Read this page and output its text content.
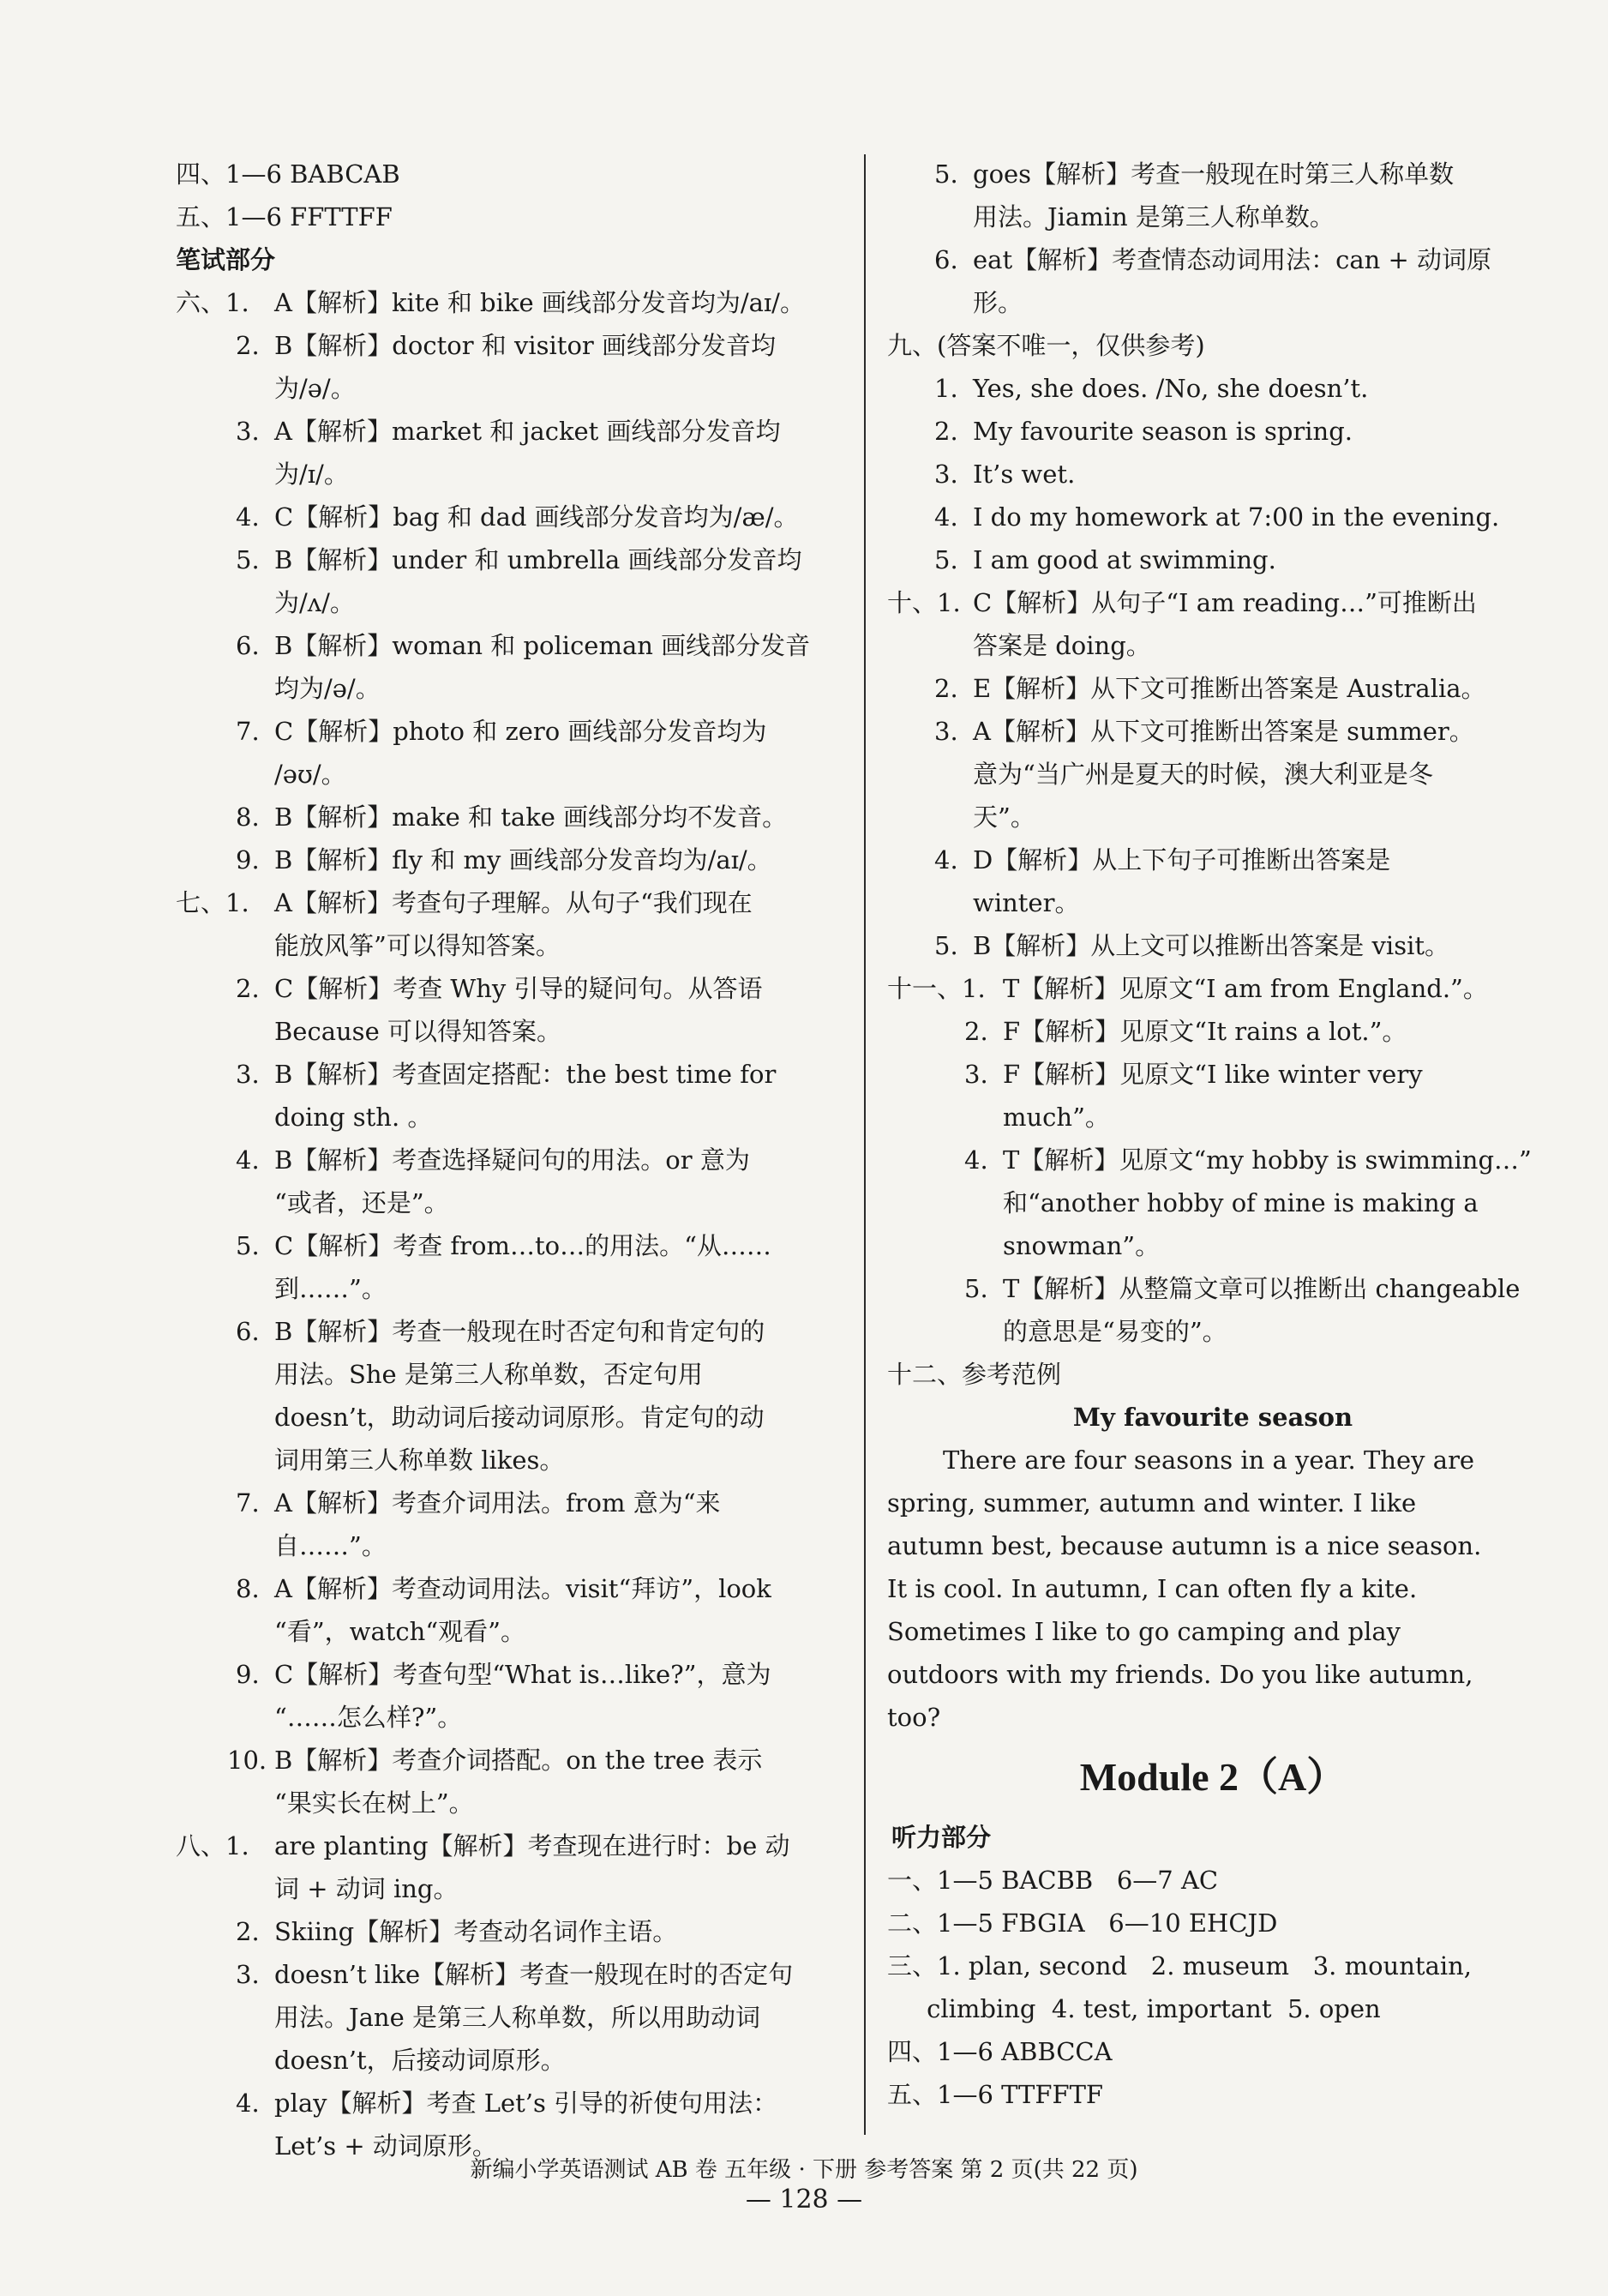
四、1—6 BABCAB
五、1—6 FFTTFF
笔试部分
六、1. A【解析】kite 和 bike 画线部分发音均为/aɪ/。
2. B【解析】doctor 和 visitor 画线部分发音均
为/ə/。
3. A【解析】market 和 jacket 画线部分发音均
为/ɪ/。
4. C【解析】bag 和 dad 画线部分发音均为/æ/。
5. B【解析】under 和 umbrella 画线部分发音均
为/ʌ/。
6. B【解析】woman 和 policeman 画线部分发音
均为/ə/。
7. C【解析】photo 和 zero 画线部分发音均为
/əʊ/。
8. B【解析】make 和 take 画线部分均不发音。
9. B【解析】fly 和 my 画线部分发音均为/aɪ/。
七、1. A【解析】考查句子理解。从句子“我们现在
能放风筝”可以得知答案。
2. C【解析】考查 Why 引导的疑问句。从答语
Because 可以得知答案。
3. B【解析】考查固定搭配：the best time for
doing sth. 。
4. B【解析】考查选择疑问句的用法。or 意为
“或者，还是”。
5. C【解析】考查 from…to…的用法。“从……
到……”。
6. B【解析】考查一般现在时否定句和肯定句的
用法。She 是第三人称单数，否定句用
doesn’t，助动词后接动词原形。肯定句的动
词用第三人称单数 likes。
7. A【解析】考查介词用法。from 意为“来
自……”。
8. A【解析】考查动词用法。visit“拜访”，look
“看”，watch“观看”。
9. C【解析】考查句型“What is…like?”，意为
“……怎么样?”。
10. B【解析】考查介词搭配。on the tree 表示
“果实长在树上”。
八、1. are planting【解析】考查现在进行时：be 动
词 + 动词 ing。
2. Skiing【解析】考查动名词作主语。
3. doesn’t like【解析】考查一般现在时的否定句
用法。Jane 是第三人称单数，所以用助动词
doesn’t，后接动词原形。
4. play【解析】考查 Let’s 引导的祈使句用法：
Let’s + 动词原形。
5. goes【解析】考查一般现在时第三人称单数
用法。Jiamin 是第三人称单数。
6. eat【解析】考查情态动词用法：can + 动词原
形。
九、(答案不唯一，仅供参考)
1. Yes, she does. /No, she doesn’t.
2. My favourite season is spring.
3. It’s wet.
4. I do my homework at 7:00 in the evening.
5. I am good at swimming.
十、1. C【解析】从句子“I am reading…”可推断出
答案是 doing。
2. E【解析】从下文可推断出答案是 Australia。
3. A【解析】从下文可推断出答案是 summer。
意为“当广州是夏天的时候，澳大利亚是冬
天”。
4. D【解析】从上下句子可推断出答案是
winter。
5. B【解析】从上文可以推断出答案是 visit。
十一、1. T【解析】见原文“I am from England.”。
2. F【解析】见原文“It rains a lot.”。
3. F【解析】见原文“I like winter very
much”。
4. T【解析】见原文“my hobby is swimming…”
和“another hobby of mine is making a
snowman”。
5. T【解析】从整篇文章可以推断出 changeable
的意思是“易变的”。
十二、参考范例
My favourite season
There are four seasons in a year. They are
spring, summer, autumn and winter. I like
autumn best, because autumn is a nice season.
It is cool. In autumn, I can often fly a kite.
Sometimes I like to go camping and play
outdoors with my friends. Do you like autumn,
too?
Module 2（A）
听力部分
一、1—5 BACBB   6—7 AC
二、1—5 FBGIA   6—10 EHCJD
三、1. plan, second   2. museum   3. mountain,
climbing  4. test, important  5. open
四、1—6 ABBCCA
五、1—6 TTFFTF
新编小学英语测试 AB 卷 五年级 · 下册 参考答案 第 2 页(共 22 页)
— 128 —
